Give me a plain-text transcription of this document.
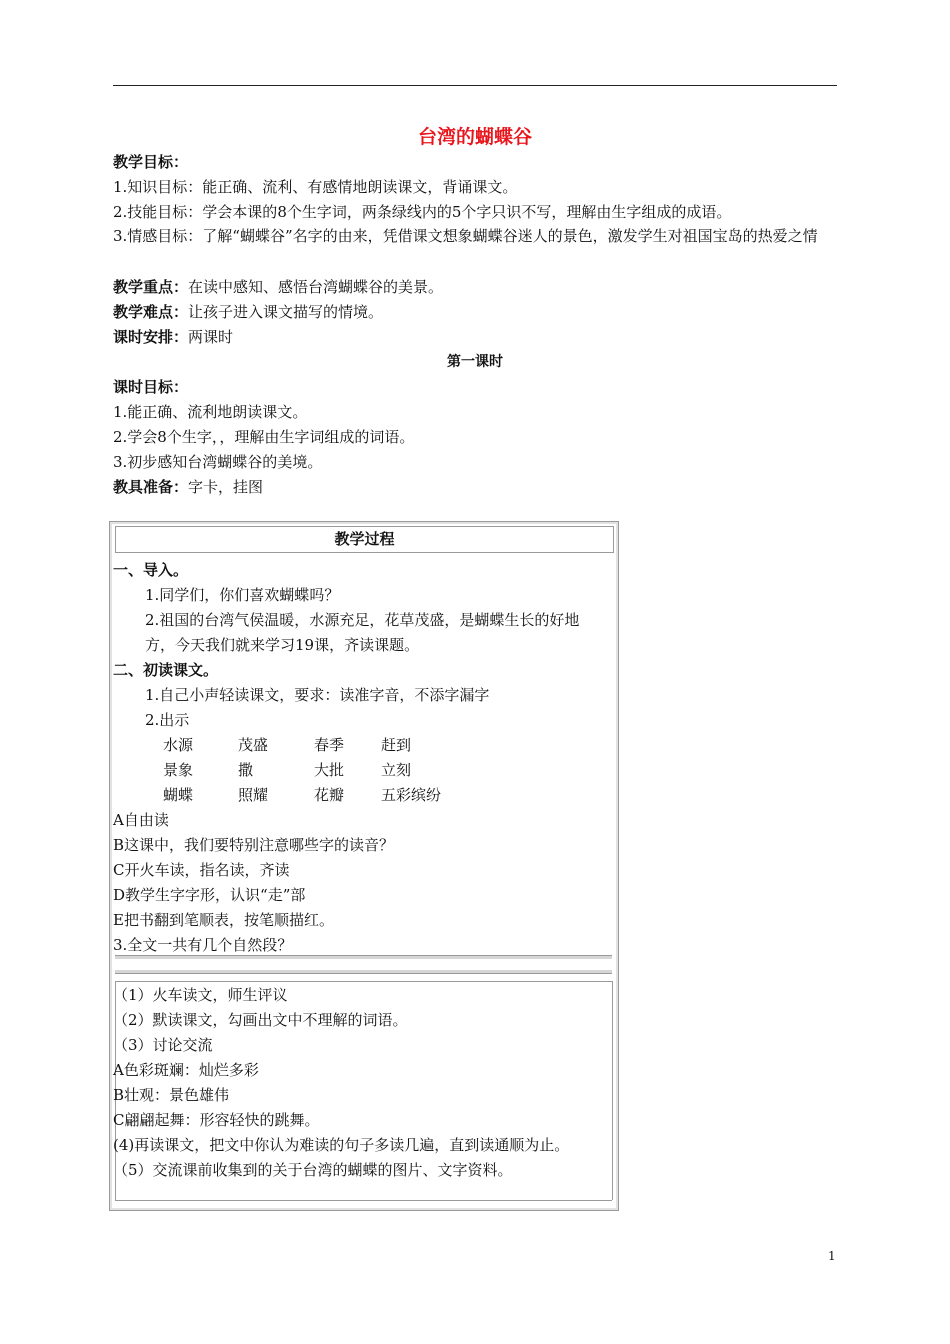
台湾的蝴蝶谷
教学目标：
1.知识目标：能正确、流利、有感情地朗读课文，背诵课文。
2.技能目标：学会本课的8个生字词，两条绿线内的5个字只识不写，理解由生字组成的成语。
3.情感目标：了解“蝴蝶谷”名字的由来，凭借课文想象蝴蝶谷迷人的景色，激发学生对祖国宝岛的热爱之情
教学重点：在读中感知、感悟台湾蝴蝶谷的美景。
教学难点：让孩子进入课文描写的情境。
课时安排：两课时
第一课时
课时目标：
1.能正确、流利地朗读课文。
2.学会8个生字，，理解由生字词组成的词语。
3.初步感知台湾蝴蝶谷的美境。
教具准备：字卡，挂图
教学过程
一、导入。
1.同学们，你们喜欢蝴蝶吗？
2.祖国的台湾气侯温暖，水源充足，花草茂盛，是蝴蝶生长的好地
方，今天我们就来学习19课，齐读课题。
二、初读课文。
1.自己小声轻读课文，要求：读准字音，不添字漏字
2.出示
水源	茂盛	春季 赶到
景象	撒	大批 立刻
蝴蝶	照耀	花瓣 五彩缤纷
A自由读
B这课中，我们要特别注意哪些字的读音？
C开火车读，指名读，齐读
D教学生字字形，认识“走”部
E把书翻到笔顺表，按笔顺描红。
3.全文一共有几个自然段？
（1）火车读文，师生评议
（2）默读课文，勾画出文中不理解的词语。
（3）讨论交流
A色彩斑斓：灿烂多彩
B壮观：景色雄伟
C翩翩起舞：形容轻快的跳舞。
(4)再读课文，把文中你认为难读的句子多读几遍，直到读通顺为止。
（5）交流课前收集到的关于台湾的蝴蝶的图片、文字资料。
1
